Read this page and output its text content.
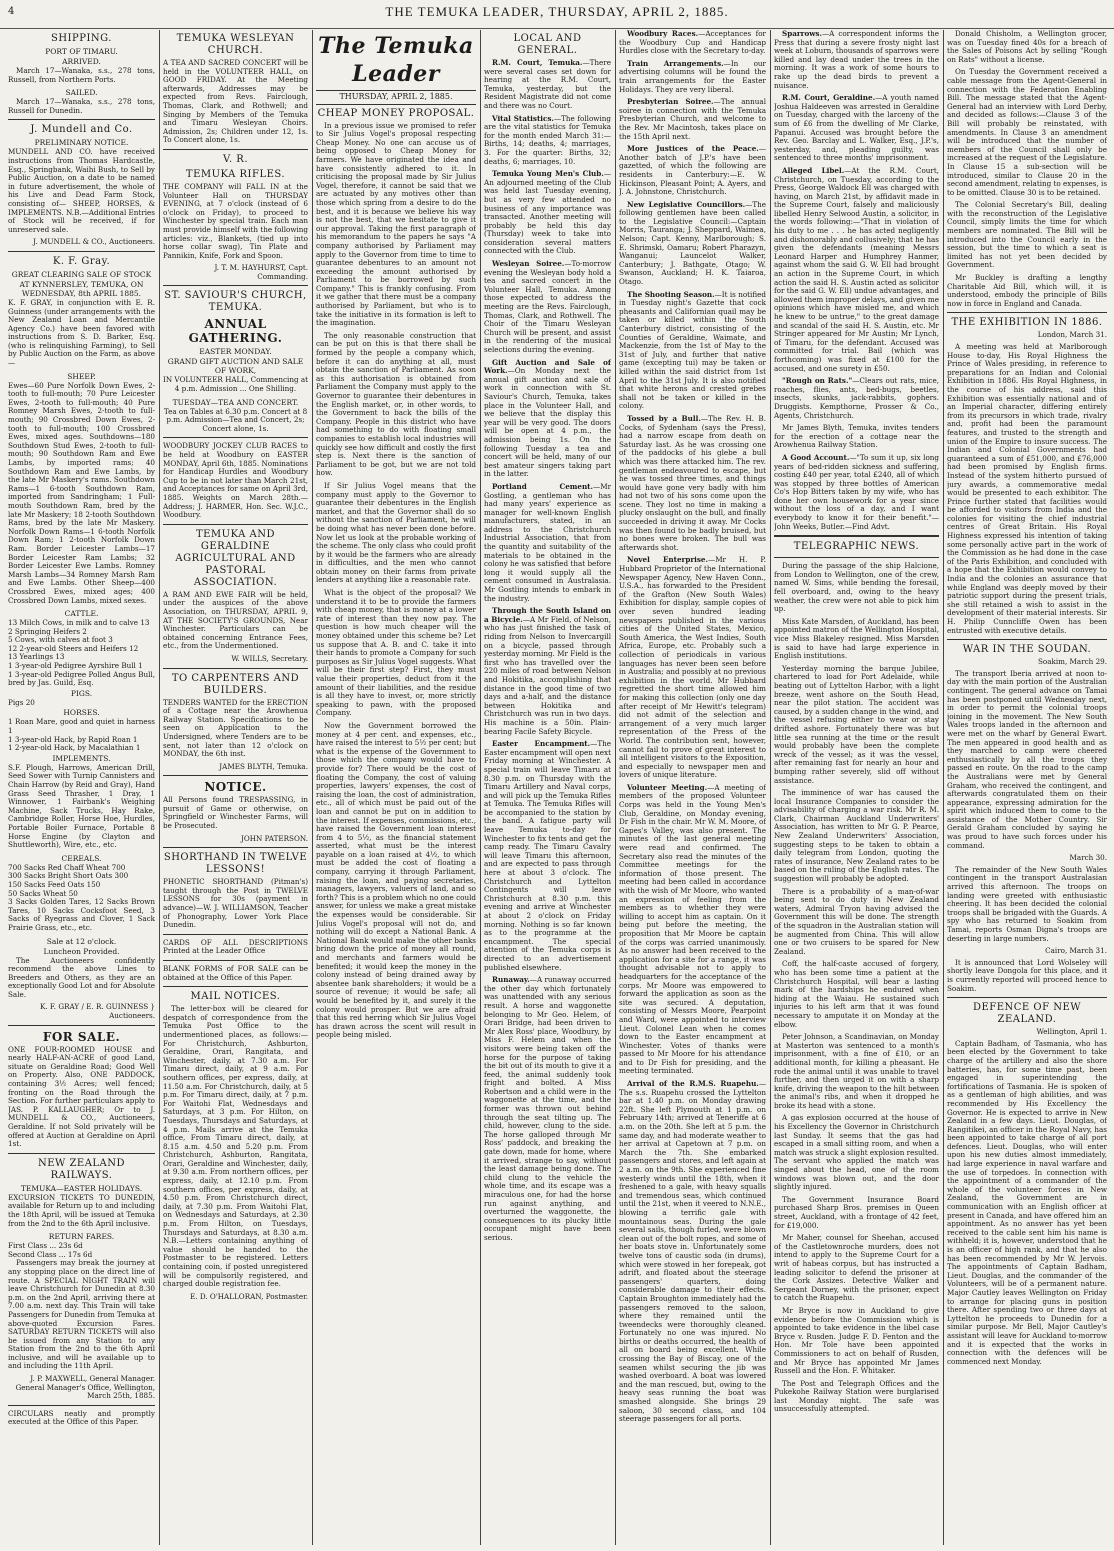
4	THE TEMUKA LEADER, THURSDAY, APRIL 2, 1885.
SHIPPING.
PORT OF TIMARU.
ARRIVED.

March 17—Wanaka, s.s., 278 tons, Russell, from Northern Ports.

SAILED.

March 17—Wanaka, s.s., 278 tons, Russell for Dunedin.

J. Mundell and Co.
PRELIMINARY NOTICE.

MUNDELL AND CO. have received instructions from Thomas Hardcastle, Esq., Springbank, Waihi Bush, to Sell by Public Auction, on a date to be named in future advertisement, the whole of his Live and Dead Farm Stock, consisting of— SHEEP, HORSES, & IMPLEMENTS. N.B.—Additional Entries of Stock will be received, if for unreserved sale.

J. MUNDELL & CO., Auctioneers.
K. F. Gray.
GREAT CLEARING SALE OF STOCK
AT KYNNERSLEY, TEMUKA, ON WEDNESDAY, 8th APRIL 1885.

K. F. GRAY, in conjunction with E. R. Guinness (under arrangements with the New Zealand Loan and Mercantile Agency Co.) have been favored with instructions from S. D. Barker, Esq. (who is relinquishing Farming), to Sell by Public Auction on the Farm, as above—

SHEEP.

Ewes—60 Pure Norfolk Down Ewes, 2-tooth to full-mouth; 70 Pure Leicester Ewes, 2-tooth to full-mouth; 40 Pure Romney Marsh Ewes, 2-tooth to full-mouth; 90 Crossbred Down Ewes, 2-tooth to full-mouth; 100 Crossbred Ewes, mixed ages. Southdowns—180 Southdown Stud Ewes, 2-tooth to full-mouth; 90 Southdown Ram and Ewe Lambs, by imported rams; 40 Southdown Ram and Ewe Lambs, by the late Mr Maskery's rams. Southdown Rams—1 6-tooth Southdown Ram, imported from Sandringham; 1 Full-mouth Southdown Ram, bred by the late Mr Maskery; 18 2-tooth Southdown Rams, bred by the late Mr Maskery. Norfolk Down Rams—1 6-tooth Norfolk Down Ram; 1 2-tooth Norfolk Down Ram. Border Leicester Lambs—17 Border Leicester Ram Lambs; 32 Border Leicester Ewe Lambs. Romney Marsh Lambs—34 Romney Marsh Ram and Ewe Lambs. Other Sheep—400 Crossbred Ewes, mixed ages; 400 Crossbred Down Lambs, mixed sexes.

CATTLE.
13 Milch Cows, in milk and to calve 13
2 Springing Heifers 2
5 Cows, with calves at foot 3
12 2-year-old Steers and Heifers 12
13 Yearlings 13
1 3-year-old Pedigree Ayrshire Bull 1
1 3-year-old Pedigree Polled Angus Bull, bred by Jas. Guild, Esq.
PIGS.
Pigs 20
HORSES.
1 Roan Mare, good and quiet in harness 1
1 3-year-old Hack, by Rapid Roan 1
1 2-year-old Hack, by Macalathian 1
IMPLEMENTS.

S.F. Plough, Harrows, American Drill, Seed Sower with Turnip Cannisters and Chain Harrow (by Reid and Gray), Hand Grass Seed Thrasher, 1 Dray, 1 Winnower, 1 Fairbank's Weighing Machine, Sack Trucks, Hay Rake, Cambridge Roller, Horse Hoe, Hurdles, Portable Boiler Furnace, Portable 8 Horse Engine (by Clayton and Shuttleworth), Wire, etc., etc.

CEREALS.
700 Sacks Red Chaff Wheat 700
300 Sacks Bright Short Oats 300
150 Sacks Feed Oats 150
50 Sacks Wheat 50

3 Sacks Golden Tares, 12 Sacks Brown Tares, 10 Sacks Cocksfoot Seed, 3 Sacks of Ryegrass and Clover, 1 Sack Prairie Grass, etc., etc.

Sale at 12 o'clock.
Luncheon Provided.

The Auctioneers confidently recommend the above Lines to Breeders and Others, as they are an exceptionally Good Lot and for Absolute Sale.

K. F. GRAY / E. R. GUINNESS } Auctioneers.
FOR SALE.

ONE FOUR-ROOMED HOUSE and nearly HALF-AN-ACRE of good Land, situate on Geraldine Road; Good Well on Property. Also, ONE PADDOCK, containing 3½ Acres; well fenced; fronting on the Road through the Section. For further particulars apply to JAS. P. KALLAUGHER; Or to J. MUNDELL & CO., Auctioneers, Geraldine. If not Sold privately will be offered at Auction at Geraldine on April 1st.

NEW ZEALAND RAILWAYS.
TEMUKA—EASTER HOLIDAYS.

EXCURSION TICKETS TO DUNEDIN, available for Return up to and including the 18th April, will be issued at Temuka from the 2nd to the 6th April inclusive.

RETURN FARES.
First Class ... 23s 6d
Second Class ... 17s 6d

Passengers may break the journey at any stopping place on the direct line of route. A SPECIAL NIGHT TRAIN will leave Christchurch for Dunedin at 8.30 p.m. on the 2nd April, arriving there at 7.00 a.m. next day. This Train will take Passengers for Dunedin from Temuka at above-quoted Excursion Fares. SATURDAY RETURN TICKETS will also be issued from any Station to any Station from the 2nd to the 6th April inclusive, and will be available up to and including the 11th April.

J. P. MAXWELL, General Manager. General Manager's Office, Wellington, March 25th, 1885.

CIRCULARS neatly and promptly executed at the Office of this Paper.

TEMUKA WESLEYAN CHURCH.

A TEA AND SACRED CONCERT will be held in the VOLUNTEER HALL, on GOOD FRIDAY. At the Meeting afterwards, Addresses may be expected from Revs. Fairclough, Thomas, Clark, and Rothwell; and Singing by Members of the Temuka and Timaru Wesleyan Choirs. Admission, 2s; Children under 12, 1s. To Concert alone, 1s.

V. R.
TEMUKA RIFLES.

THE COMPANY will FALL IN at the Volunteer Hall on THURSDAY EVENING, at 7 o'clock (instead of 6 o'clock on Friday), to proceed to Winchester by special train. Each man must provide himself with the following articles: viz., Blankets, (tied up into horse collar swag), Tin Plate and Pannikin, Knife, Fork and Spoon.

J. T. M. HAYHURST, Capt. Commanding.
ST. SAVIOUR'S CHURCH, TEMUKA.
ANNUAL GATHERING.
EASTER MONDAY.
GRAND GIFT AUCTION AND SALE OF WORK,

IN VOLUNTEER HALL, Commencing at 4 p.m. Admission ... One Shilling.

TUESDAY—TEA AND CONCERT.

Tea on Tables at 6.30 p.m. Concert at 8 p.m. Admission—Tea and Concert, 2s; Concert alone, 1s.

WOODBURY JOCKEY CLUB RACES to be held at Woodbury on EASTER MONDAY, April 6th, 1885. Nominations for Handicap Hurdles and Woodbury Cup to be in not later than March 21st, and Acceptances for same on April 3rd, 1885. Weights on March 28th.—Address; J. HARMER, Hon. Sec. W.J.C., Woodbury.

TEMUKA AND GERALDINE AGRICULTURAL AND PASTORAL ASSOCIATION.

A RAM AND EWE FAIR will be held, under the auspices of the above Association, on THURSDAY, APRIL 9, AT THE SOCIETY'S GROUNDS, Near Winchester. Particulars can be obtained concerning Entrance Fees, etc., from the Undermentioned.

W. WILLS, Secretary.
TO CARPENTERS AND BUILDERS.

TENDERS WANTED for the ERECTION of a Cottage near the Arowhenua Railway Station. Specifications to be seen on Application to the Undersigned, where Tenders are to be sent, not later than 12 o'clock on MONDAY, the 6th inst.

JAMES BLYTH, Temuka.
NOTICE.

All Persons found TRESPASSING, in pursuit of Game or otherwise, on Springfield or Winchester Farms, will be Prosecuted.

JOHN PATERSON.
SHORTHAND IN TWELVE LESSONS!

PHONETIC SHORTHAND (Pitman's) taught through the Post in TWELVE LESSONS for 30s (payment in advance)—W. J. WILLIAMSON, Teacher of Phonography, Lower York Place Dunedin.

CARDS OF ALL DESCRIPTIONS Printed at the Leader Office

BLANK FORMS of FOR SALE can be obtained at the Office of this Paper.

MAIL NOTICES.

The letter-box will be cleared for despatch of correspondence from the Temuka Post Office to the undermentioned places, as follows:— For Christchurch, Ashburton, Geraldine, Orari, Rangitata, and Winchester, daily, at 7.30 a.m. For Timaru direct, daily, at 9 a.m. For southern offices, per express, daily, at 11.50 a.m. For Christchurch, daily, at 5 p.m. For Timaru direct, daily, at 7 p.m. For Waitohi Flat, Wednesdays and Saturdays, at 3 p.m. For Hilton, on Tuesdays, Thursdays and Saturdays, at 4 p.m. Mails arrive at the Temuka office, From Timaru direct, daily, at 8.15 a.m. 4.50 and 5.20 p.m. From Christchurch, Ashburton, Rangitata, Orari, Geraldine and Winchester, daily, at 9.30 a.m. From northern offices, per express, daily, at 12.10 p.m. From southern offices, per express, daily, at 4.50 p.m. From Christchurch direct, daily, at 7.30 p.m. From Waitohi Flat, on Wednesdays and Saturdays, at 2.30 p.m. From Hilton, on Tuesdays, Thursdays and Saturdays, at 8.30 a.m. N.B.—Letters containing anything of value should be handed to the Postmaster to be registered. Letters containing coin, if posted unregistered will be compulsorily registered, and charged double registration fee.

E. D. O'HALLORAN, Postmaster.
The Temuka Leader
THURSDAY, APRIL 2, 1885.
CHEAP MONEY PROPOSAL.

In a previous issue we promised to refer to Sir Julius Vogel's proposal respecting Cheap Money. No one can accuse us of being opposed to Cheap Money for farmers. We have originated the idea and have consistently adhered to it. In criticising the proposal made by Sir Julius Vogel, therefore, it cannot be said that we are actuated by any motives other than those which spring from a desire to do the best, and it is because we believe his way is not the best, that we hesitate to give it our approval. Taking the first paragraph of his memorandum to the papers he says "A company authorised by Parliament may apply to the Governor from time to time to guarantee debentures to an amount not exceeding the amount authorised by Parliament to be borrowed by such Company." This is frankly confusing. From it we gather that there must be a company authorised by Parliament, but who is to take the initiative in its formation is left to the imagination.

The only reasonable construction that can be put on this is that there shall be formed by the people a company which, before it can do anything at all, must obtain the sanction of Parliament. As soon as this authorisation is obtained from Parliament the Company must apply to the Governor to guarantee their debentures in the English market, or, in other words, to the Government to back the bills of the Company. People in this district who have had something to do with floating small companies to establish local industries will quickly see how difficult and costly the first step is. Next there is the sanction of Parliament to be got, but we are not told how.

If Sir Julius Vogel means that the company must apply to the Governor to guarantee their debentures in the English market, and that the Governor shall do so without the sanction of Parliament, he will be doing what has never been done before. Now let us look at the probable working of the scheme. The only class who could profit by it would be the farmers who are already in difficulties, and the men who cannot obtain money on their farms from private lenders at anything like a reasonable rate.

What is the object of the proposal? We understand it to be to provide the farmers with cheap money, that is money at a lower rate of interest than they now pay. The question is how much cheaper will the money obtained under this scheme be? Let us suppose that A. B. and C. take it into their hands to promote a Company for such purposes as Sir Julius Vogel suggests. What will be their first step? First, they must value their properties, deduct from it the amount of their liabilities, and the residue is all they have to invest, or, more strictly speaking to pawn, with the proposed Company.

Now the Government borrowed the money at 4 per cent. and expenses, etc., have raised the interest to 5½ per cent; but what is the expense of the Government to those which the company would have to provide for? There would be the cost of floating the Company, the cost of valuing properties, lawyers' expenses, the cost of raising the loan, the cost of administration, etc., all of which must be paid out of the loan and cannot be put on in addition to the interest. If expenses, commissions, etc., have raised the Government loan interest from 4 to 5½, as the financial statement asserted, what must be the interest payable on a loan raised at 4½, to which must be added the cost of floating a company, carrying it through Parliament, raising the loan, and paying secretaries, managers, lawyers, valuers of land, and so forth? This is a problem which no one could answer, for unless we make a great mistake the expenses would be considerable. Sir Julius Vogel's proposal will not do, and nothing will do except a National Bank. A National Bank would make the other banks bring down the price of money all round, and merchants and farmers would be benefited; it would keep the money in the colony instead of being drained away by absentee bank shareholders; it would be a source of revenue; it would be safe; all would be benefited by it, and surely it the colony would prosper. But we are afraid that this red herring which Sir Julius Vogel has drawn across the scent will result in people being misled.

LOCAL AND GENERAL.

R.M. Court, Temuka.—There were several cases set down for hearing at the R.M. Court, Temuka, yesterday, but the Resident Magistrate did not come and there was no Court.

Vital Statistics.—The following are the vital statistics for Temuka for the month ended March 31:—Births, 14; deaths, 4; marriages, 3. For the quarter: Births, 32; deaths, 6; marriages, 10.

Temuka Young Men's Club.—An adjourned meeting of the Club was held last Tuesday evening, but as very few attended no business of any importance was transacted. Another meeting will probably be held this day (Thursday) week to take into consideration several matters connected with the Club.

Wesleyan Soiree.—To-morrow evening the Wesleyan body hold a tea and sacred concert in the Volunteer Hall, Temuka. Among those expected to address the meeting are the Revs. Fairclough, Thomas, Clark, and Rothwell. The Choir of the Timaru Wesleyan Church will be present, and assist in the rendering of the musical selections during the evening.

Gift Auction and Sale of Work.—On Monday next the annual gift auction and sale of work in connection with St. Saviour's Church, Temuka, takes place in the Volunteer Hall, and we believe that the display this year will be very good. The doors will be open at 4 p.m., the admission being 1s. On the following Tuesday a tea and concert will be held, many of our best amateur singers taking part in the latter.

Portland Cement.—Mr Gostling, a gentleman who has had many years' experience as manager for well-known English manufacturers, stated, in an address to the Christchurch Industrial Association, that from the quantity and suitability of the materials to be obtained in the colony he was satisfied that before long it would supply all the cement consumed in Australasia. Mr Gostling intends to embark in the industry.

Through the South Island on a Bicycle.—A Mr Field, of Nelson, who has just finished the task of riding from Nelson to Invercargill on a bicycle, passed through yesterday morning. Mr Field is the first who has travelled over the 220 miles of road between Nelson and Hokitika, accomplishing that distance in the good time of two days and a-half, and the distance between Hokitika and Christchurch was run in two days. His machine is a 50in. Plain-bearing Facile Safety Bicycle.

Easter Encampment.—The Easter encampment will open next Friday morning at Winchester. A special train will leave Timaru at 8.30 p.m. on Thursday with the Timaru Artillery and Naval corps, and will pick up the Temuka Rifles at Temuka. The Temuka Rifles will be accompanied to the station by the band. A fatigue party will leave Temuka to-day for Winchester to fix tents and get the camp ready. The Timaru Cavalry will leave Timaru this afternoon, and are expected to pass through here at about 3 o'clock. The Christchurch and Lyttelton Contingents will leave Christchurch at 8.30 p.m. this evening and arrive at Winchester at about 2 o'clock on Friday morning. Nothing is so far known as to the programme at the encampment. The special attention of the Temuka corps is directed to an advertisement published elsewhere.

Runaway.—A runaway occurred the other day which fortunately was unattended with any serious result. A horse and waggonette belonging to Mr Geo. Helem, of Orari Bridge, had been driven to Mr Alex Ross' place, Woodbury, by Miss F. Helem and when the visitors were being taken off the horse for the purpose of taking the bit out of its mouth to give it a feed, the animal suddenly took fright and bolted. A Miss Robertson and a child were in the waggonette at the time, and the former was thrown out behind through the seat tilting up. The child, however, clung to the side. The horse galloped through Mr Ross' paddock, and breaking the gate down, made for home, where it arrived, strange to say, without the least damage being done. The child clung to the vehicle the whole time, and its escape was a miraculous one, for had the horse run against anything, and overturned the waggonette, the consequences to its plucky little occupant might have been serious.

Woodbury Races.—Acceptances for the Woodbury Cup and Handicap Hurdles close with the Secretary to-day.

Train Arrangements.—In our advertising columns will be found the train arrangements for the Easter Holidays. They are very liberal.

Presbyterian Soiree.—The annual soiree in connection with the Temuka Presbyterian Church, and welcome to the Rev. Mr Macintosh, takes place on the 15th April next.

More Justices of the Peace.—Another batch of J.P.'s have been gazetted, of which the following are residents in Canterbury:—E. W. Hickinson, Pleasant Point; A. Ayers, and J. A. Johnstone, Christchurch.

New Legislative Councillors.—The following gentlemen have been called to the Legislative Council:—Captain Morris, Tauranga; J. Sheppard, Waimea, Nelson; Capt. Kenny, Marlborough; S. E. Shrimski, Oamaru; Robert Pharazyn, Wanganui; Launcelot Walker, Canterbury; J. Bathgate, Otago; W. Swanson, Auckland; H. K. Taiaroa, Otago.

The Shooting Season.—It is notified in Tuesday night's Gazette that cock pheasants and Californian quail may be taken or killed within the South Canterbury district, consisting of the Counties of Geraldine, Waimate, and Mackenzie, from the 1st of May to the 31st of July, and further that native game (excepting tui) may be taken or killed within the said district from 1st April to the 31st July. It is also notified that white herons and crested grebes shall not be taken or killed in the colony.

Tossed by a Bull.—The Rev. H. B. Cocks, of Sydenham (says the Press), had a narrow escape from death on Saturday last. As he was crossing one of the paddocks of his glebe a bull which was there attacked him. The rev. gentleman endeavoured to escape, but he was tossed three times, and things would have gone very badly with him had not two of his sons come upon the scene. They lost no time in making a plucky onslaught on the bull, and finally succeeded in driving it away. Mr Cocks was then found to be badly bruised, but no bones were broken. The bull was afterwards shot.

Novel Enterprise.—Mr H. P. Hubbard Proprietor of the International Newspaper Agency, New Haven Conn., U.S.A., has forwarded to the President of the Grafton (New South Wales) Exhibition for display, sample copies of over seven hundred leading newspapers published in the various cities of the United States, Mexico, South America, the West Indies, South Africa, Europe, etc. Probably such a collection of periodicals in various languages has never been seen before in Australia; and possibly at no previous exhibition in the world. Mr Hubbard regretted the short time allowed him for making this collection (only one day after receipt of Mr Hewitt's telegram) did not admit of the selection and arrangement of a very much larger representation of the Press of the World. The contribution sent, however, cannot fail to prove of great interest to all intelligent visitors to the Exposition, and especially to newspaper men and lovers of unique literature.

Volunteer Meeting.—A meeting of members of the proposed Volunteer Corps was held in the Young Men's Club, Geraldine, on Monday evening, Dr Fish in the chair. Mr W. M. Moore, of Gapes's Valley, was also present. The minutes of the last general meeting were read and confirmed. The Secretary also read the minutes of the Committee meetings for the information of those present. The meeting had been called in accordance with the wish of Mr Moore, who wanted an expression of feeling from the members as to whether they were willing to accept him as captain. On it being put before the meeting, the proposition that Mr Moore be captain of the corps was carried unanimously. As no answer had been received to the application for a site for a range, it was thought advisable not to apply to headquarters for the acceptance of the corps. Mr Moore was empowered to forward the application as soon as the site was secured. A deputation, consisting of Messrs Moore, Pearpoint and Ward, were appointed to interview Lieut. Colonel Lean when he comes down to the Easter encampment at Winchester. Votes of thanks were passed to Mr Moore for his attendance and to Dr Fish for presiding, and the meeting terminated.

Arrival of the R.M.S. Ruapehu.—The s.s. Ruapehu crossed the Lyttelton bar at 1.40 p.m. on Monday drawing 22ft. She left Plymouth at 1 p.m. on February 14th; arrived at Teneriffe at 6 a.m. on the 20th. She left at 5 p.m. the same day, and had moderate weather to her arrival at Capetown at 7 p.m. on March the 7th. She embarked passengers and stores, and left again at 2 a.m. on the 9th. She experienced fine westerly winds until the 18th, when it freshened to a gale, with heavy squalls and tremendous seas, which continued until the 21st, when it veered to N.N.E., blowing a terrific gale with mountainous seas. During the gale several sails, though furled, were blown clean out of the bolt ropes, and some of her boats stove in. Unfortunately some twelve tons of caustic soda (in drums), which were stowed in her forepeak, got adrift, and floated about the steerage passengers' quarters, doing considerable damage to their effects. Captain Broughton immediately had the passengers removed to the saloon, where they remained until the tweendecks were thoroughly cleaned. Fortunately no one was injured. No births or deaths occurred, the health of all on board being excellent. While crossing the Bay of Biscay, one of the seamen whilst securing the jib was washed overboard. A boat was lowered and the man rescued, but, owing to the heavy seas running the boat was smashed alongside. She brings 29 saloon, 30 second class, and 104 steerage passengers for all ports.

Sparrows.—A correspondent informs the Press that during a severe frosty night last week at Loburn, thousands of sparrows were killed and lay dead under the trees in the morning. It was a work of some hours to rake up the dead birds to prevent a nuisance.

R.M. Court, Geraldine.—A youth named Joshua Haldeeven was arrested in Geraldine on Tuesday, charged with the larceny of the sum of £6 from the dwelling of Mr Clarke, Papanui. Accused was brought before the Rev. Geo. Barclay and L. Walker, Esq., J.P.'s, yesterday, and, pleading guilty, was sentenced to three months' imprisonment.

Alleged Libel.—At the R.M. Court, Christchurch, on Tuesday, according to the Press, George Waldock Ell was charged with having, on March 21st, by affidavit made in the Supreme Court, falsely and maliciously libelled Henry Selwood Austin, a solicitor, in the words following:—"That in violation of his duty to me . . . he has acted negligently and dishonorably and collusively; that he has given the defendants (meaning Messrs Leonard Harper and Humphrey Hanmer, against whom the said G. W. Ell had brought an action in the Supreme Court, in which action the said H. S. Austin acted as solicitor for the said G. W. Ell) undue advantages, and allowed them improper delays, and given me opinions which have misled me, and which he knew to be untrue," to the great damage and scandal of the said H. S. Austin, etc. Mr Stringer appeared for Mr Austin; Mr Lynch, of Timaru, for the defendant. Accused was committed for trial. Bail (which was forthcoming) was fixed at £100 for the accused, and one surety in £50.

"Rough on Rats."—Clears out rats, mice, roaches, flies, ants, bed-bugs, beetles, insects, skunks, jack-rabbits, gophers. Druggists. Kempthorne, Prosser & Co., Agents, Christchurch.

Mr James Blyth, Temuka, invites tenders for the erection of a cottage near the Arowhenua Railway Station.

A Good Account.—"To sum it up, six long years of bed-ridden sickness and suffering, costing £40 per year, total £240, all of which was stopped by three bottles of American Co's Hop Bitters taken by my wife, who has done her own housework for a year since without the loss of a day, and I want everybody to know it for their benefit."—John Weeks, Butler.—Find Advt.

TELEGRAPHIC NEWS.

During the passage of the ship Halcione, from London to Wellington, one of the crew, named W. Sims, while bending the foresail, fell overboard, and, owing to the heavy weather, the crew were not able to pick him up.

Miss Kate Marsden, of Auckland, has been appointed matron of the Wellington Hospital, vice Miss Blakeley resigned. Miss Marsden is said to have had large experience in English institutions.

Yesterday morning the barque Jubilee, chartered to load for Port Adelaide, while beating out of Lyttelton Harbor, with a light breeze, went ashore on the South Head, near the pilot station. The accident was caused, by a sudden change in the wind, and the vessel refusing either to wear or stay drifted ashore. Fortunately there was but little sea running at the time or the result would probably have been the complete wreck of the vessel; as it was the vessel, after remaining fast for nearly an hour and bumping rather severely, slid off without assistance.

The imminence of war has caused the local Insurance Companies to consider the advisability of charging a war risk. Mr R. M. Clark, Chairman Auckland Underwriters' Association, has written to Mr G. P. Pearce, New Zealand Underwriters' Association, suggesting steps to be taken to obtain a daily telegram from London, quoting the rates of insurance, New Zealand rates to be based on the ruling of the English rates. The suggestion will probably be adopted.

There is a probability of a man-of-war being sent to do duty in New Zealand waters, Admiral Tryon having advised the Government this will be done. The strength of the squadron in the Australian station will be augmented from China. This will allow one or two cruisers to be spared for New Zealand.

Coff, the half-caste accused of forgery, who has been some time a patient at the Christchurch Hospital, will bear a lasting mark of the hardships he endured when hiding at the Waiau. He sustained such injuries to his left arm that it was found necessary to amputate it on Monday at the elbow.

Peter Johnson, a Scandinavian, on Monday at Masterton was sentenced to a month's imprisonment, with a fine of £10, or an additional month, for killing a pheasant. He rode the animal until it was unable to travel further, and then urged it on with a sharp knife, driving the weapon to the hilt between the animal's ribs, and when it dropped he broke its head with a stone.

A gas explosion occurred at the house of his Excellency the Governor in Christchurch last Sunday. It seems that the gas had escaped in a small sitting room, and when a match was struck a slight explosion resulted. The servant who applied the match was singed about the head, one of the room windows was blown out, and the door slightly injured.

The Government Insurance Board purchased Sharp Bros. premises in Queen street, Auckland, with a frontage of 42 feet, for £19,000.

Mr Maher, counsel for Sheehan, accused of the Castletownroche murders, does not intend to apply to the Supreme Court for a writ of habeas corpus, but has instructed a leading solicitor to defend the prisoner at the Cork Assizes. Detective Walker and Sergeant Dorney, with the prisoner, expect to catch the Ruapehu.

Mr Bryce is now in Auckland to give evidence before the Commission which is appointed to take evidence in the libel case Bryce v. Rusden. Judge F. D. Fenton and the Hon. Mr Tole have been appointed Commissioners to act on behalf of Rusden, and Mr Bryce has appointed Mr James Russell and the Hon. F. Whitaker.

The Post and Telegraph Offices and the Pukekohe Railway Station were burglarised last Monday night. The safe was unsuccessfully attempted.

Donald Chisholm, a Wellington grocer, was on Tuesday fined 40s for a breach of the Sales of Poisons Act by selling "Rough on Rats" without a license.

On Tuesday the Government received a cable message from the Agent-General in connection with the Federation Enabling Bill. The message stated that the Agent-General had an interview with Lord Derby, and decided as follows:—Clause 3 of the Bill will probably be reinstated, with amendments. In Clause 3 an amendment will be introduced that the number of members of the Council shall only be increased at the request of the Legislature. In Clause 15 a sub-section will be introduced, similar to Clause 20 in the second amendment, relating to expenses, is to be omitted. Clause 30 is to be retained.

The Colonial Secretary's Bill, dealing with the reconstruction of the Legislative Council, simply limits the time for which members are nominated. The Bill will be introduced into the Council early in the session, but the time to which a seat is limited has not yet been decided by Government.

Mr Buckley is drafting a lengthy Charitable Aid Bill, which will, it is understood, embody the principle of Bills now in force in England and Canada.

THE EXHIBITION IN 1886.
London, March 31.

A meeting was held at Marlborough House to-day, His Royal Highness the Prince of Wales presiding, in reference to preparations for an Indian and Colonial Exhibition in 1886. His Royal Highness, in the course of his address, said this Exhibition was essentially national and of an Imperial character, differing entirely from its precursors in which trade, rivalry and, profit had been the paramount features, and trusted to the strength and union of the Empire to insure success. The Indian and Colonial Governments had guaranteed a sum of £51,000, and £76,000 had been promised by English firms. Instead of the system hitherto pursued of jury awards, a commemorative medal would be presented to each exhibitor. The Prince further stated that facilities would be afforded to visitors from India and the colonies for visiting the chief industrial centres of Great Britain. His Royal Highness expressed his intention of taking some personally active part in the work of the Commission as he had done in the case of the Paris Exhibition, and concluded with a hope that the Exhibition would convey to India and the colonies an assurance that while England was deeply moved by their patriotic support during the present trials, she still retained a wish to assist in the development of their material interests. Sir H. Philip Cunncliffe Owen has been entrusted with executive details.

WAR IN THE SOUDAN.
Soakim, March 29.

The transport Iberia arrived at noon to-day with the main portion of the Australian contingent. The general advance on Tamai has been postponed until Wednesday next, in order to permit the colonial troops joining in the movement. The New South Wales troops landed in the afternoon and were met on the wharf by General Ewart. The men appeared in good health and as they marched to camp were cheered enthusiastically by all the troops they passed en route. On the road to the camp the Australians were met by General Graham, who received the contingent, and afterwards congratulated them on their appearance, expressing admiration for the spirit which induced them to come to the assistance of the Mother Country. Sir Gerald Graham concluded by saying he was proud to have such forces under his command.

March 30.

The remainder of the New South Wales contingent in the transport Australasian arrived this afternoon. The troops on landing were greeted with enthusiastic cheering. It has been decided the colonial troops shall be brigaded with the Guards. A spy who has returned to Soakim from Tamai, reports Osman Digna's troops are deserting in large numbers.

Cairo, March 31.

It is announced that Lord Wolseley will shortly leave Dongola for this place, and it is currently reported will proceed hence to Soakim.

DEFENCE OF NEW ZEALAND.
Wellington, April 1.

Captain Badham, of Tasmania, who has been elected by the Government to take charge of the artillery and also the shore batteries, has, for some time past, been engaged in superintending the fortifications of Tasmania. He is spoken of as a gentleman of high abilities, and was recommended by His Excellency the Governor. He is expected to arrive in New Zealand in a few days. Lieut. Douglas, of Rangitikei, an officer in the Royal Navy, has been appointed to take charge of all port defences. Lieut. Douglas, who will enter upon his new duties almost immediately, had large experience in naval warfare and the use of torpedoes. In connection with the appointment of a commander of the whole of the volunteer forces in New Zealand, the Government are in communication with an English officer at present in Canada, and have offered him an appointment. As no answer has yet been received to the cable sent him his name is withheld; it is, however, understood that he is an officer of high rank, and that he also has been recommended by Mr W. Jervois. The appointments of Captain Badham, Lieut. Douglas, and the commander of the Volunteers, will be of a permanent nature. Major Cautley leaves Wellington on Friday to arrange for placing guns in position there. After spending two or three days at Lyttelton he proceeds to Dunedin for a similar purpose. Mr Bell, Major Cautley's assistant will leave for Auckland to-morrow and it is expected that the works in connection with the defences will be commenced next Monday.
